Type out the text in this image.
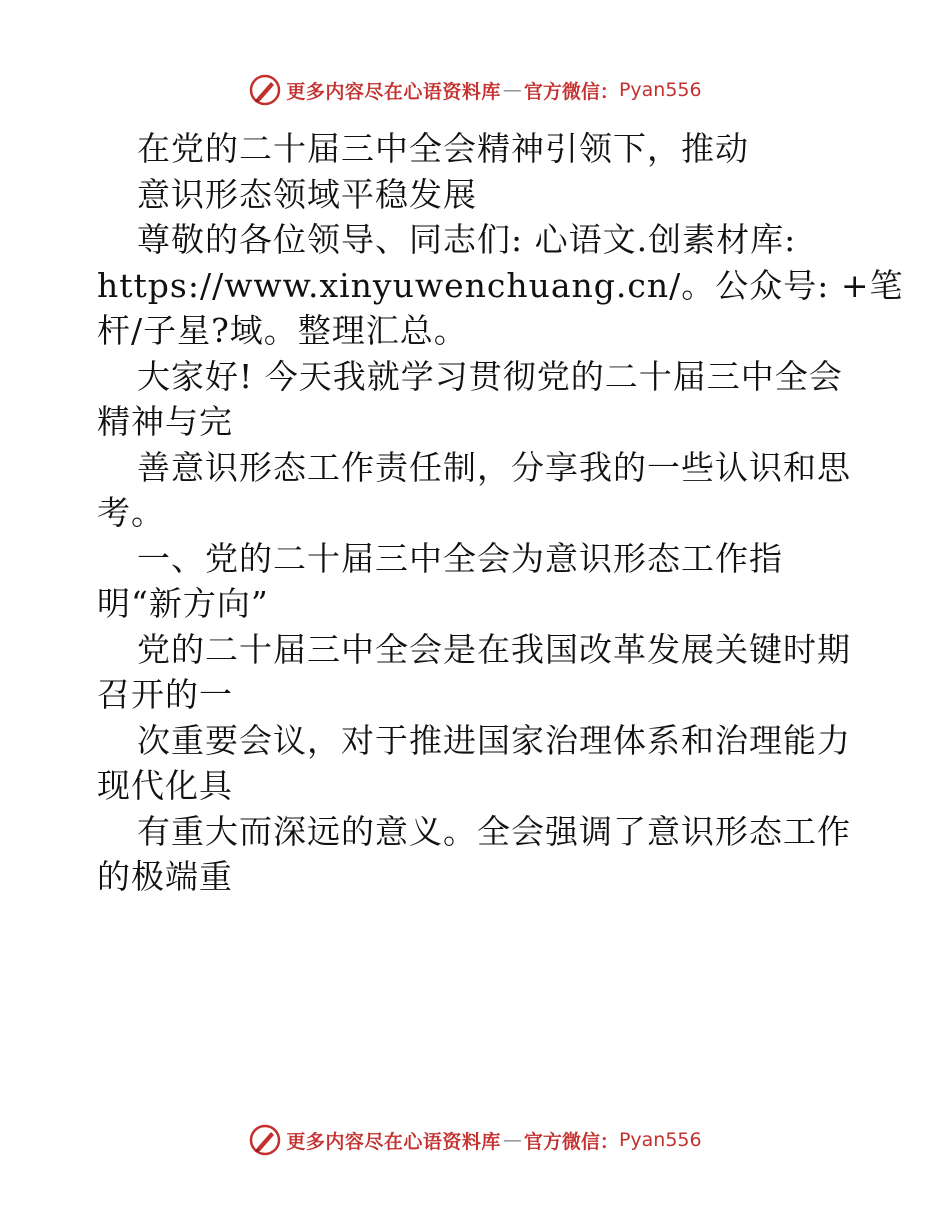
更多内容尽在心语资料库 — 官方微信： Pyan556

在党的二十届三中全会精神引领下，推动

意识形态领域平稳发展

尊敬的各位领导、同志们: 心语文.创素材库:

https://www.xinyuwenchuang.cn/。公众号: +笔

杆/子星?域。整理汇总。

大家好! 今天我就学习贯彻党的二十届三中全会

精神与完

善意识形态工作责任制，分享我的一些认识和思

考。

一、党的二十届三中全会为意识形态工作指

明“新方向”

党的二十届三中全会是在我国改革发展关键时期

召开的一

次重要会议，对于推进国家治理体系和治理能力

现代化具

有重大而深远的意义。全会强调了意识形态工作

的极端重

更多内容尽在心语资料库 — 官方微信： Pyan556
